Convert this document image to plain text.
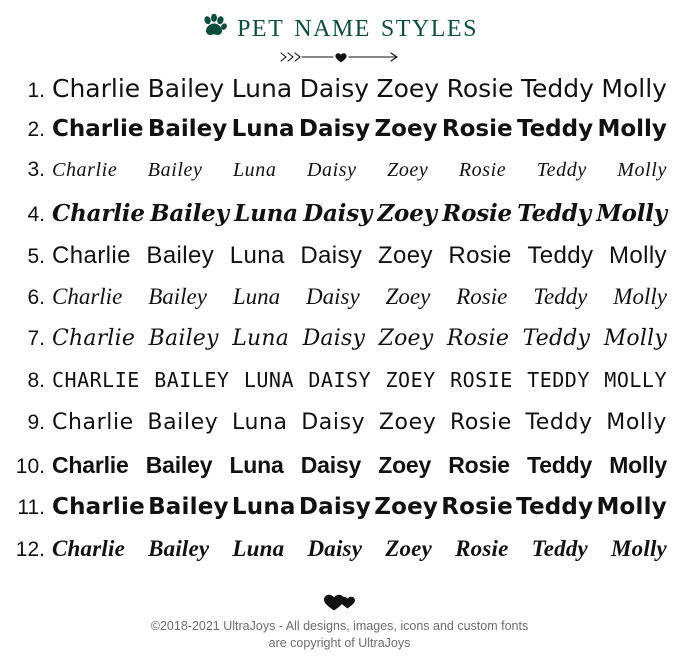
pet name styles
1. Charlie Bailey Luna Daisy Zoey Rosie Teddy Molly
2. Charlie Bailey Luna Daisy Zoey Rosie Teddy Molly
3. Charlie Bailey Luna Daisy Zoey Rosie Teddy Molly
4. Charlie Bailey Luna Daisy Zoey Rosie Teddy Molly
5. Charlie Bailey Luna Daisy Zoey Rosie Teddy Molly
6. Charlie Bailey Luna Daisy Zoey Rosie Teddy Molly
7. Charlie Bailey Luna Daisy Zoey Rosie Teddy Molly
8. CHARLIE BAILEY LUNA DAISY ZOEY ROSIE TEDDY MOLLY
9. Charlie Bailey Luna Daisy Zoey Rosie Teddy Molly
10. Charlie Bailey Luna Daisy Zoey Rosie Teddy Molly
11. Charlie Bailey Luna Daisy Zoey Rosie Teddy Molly
12. Charlie Bailey Luna Daisy Zoey Rosie Teddy Molly
©2018-2021 UltraJoys - All designs, images, icons and custom fonts
are copyright of UltraJoys
